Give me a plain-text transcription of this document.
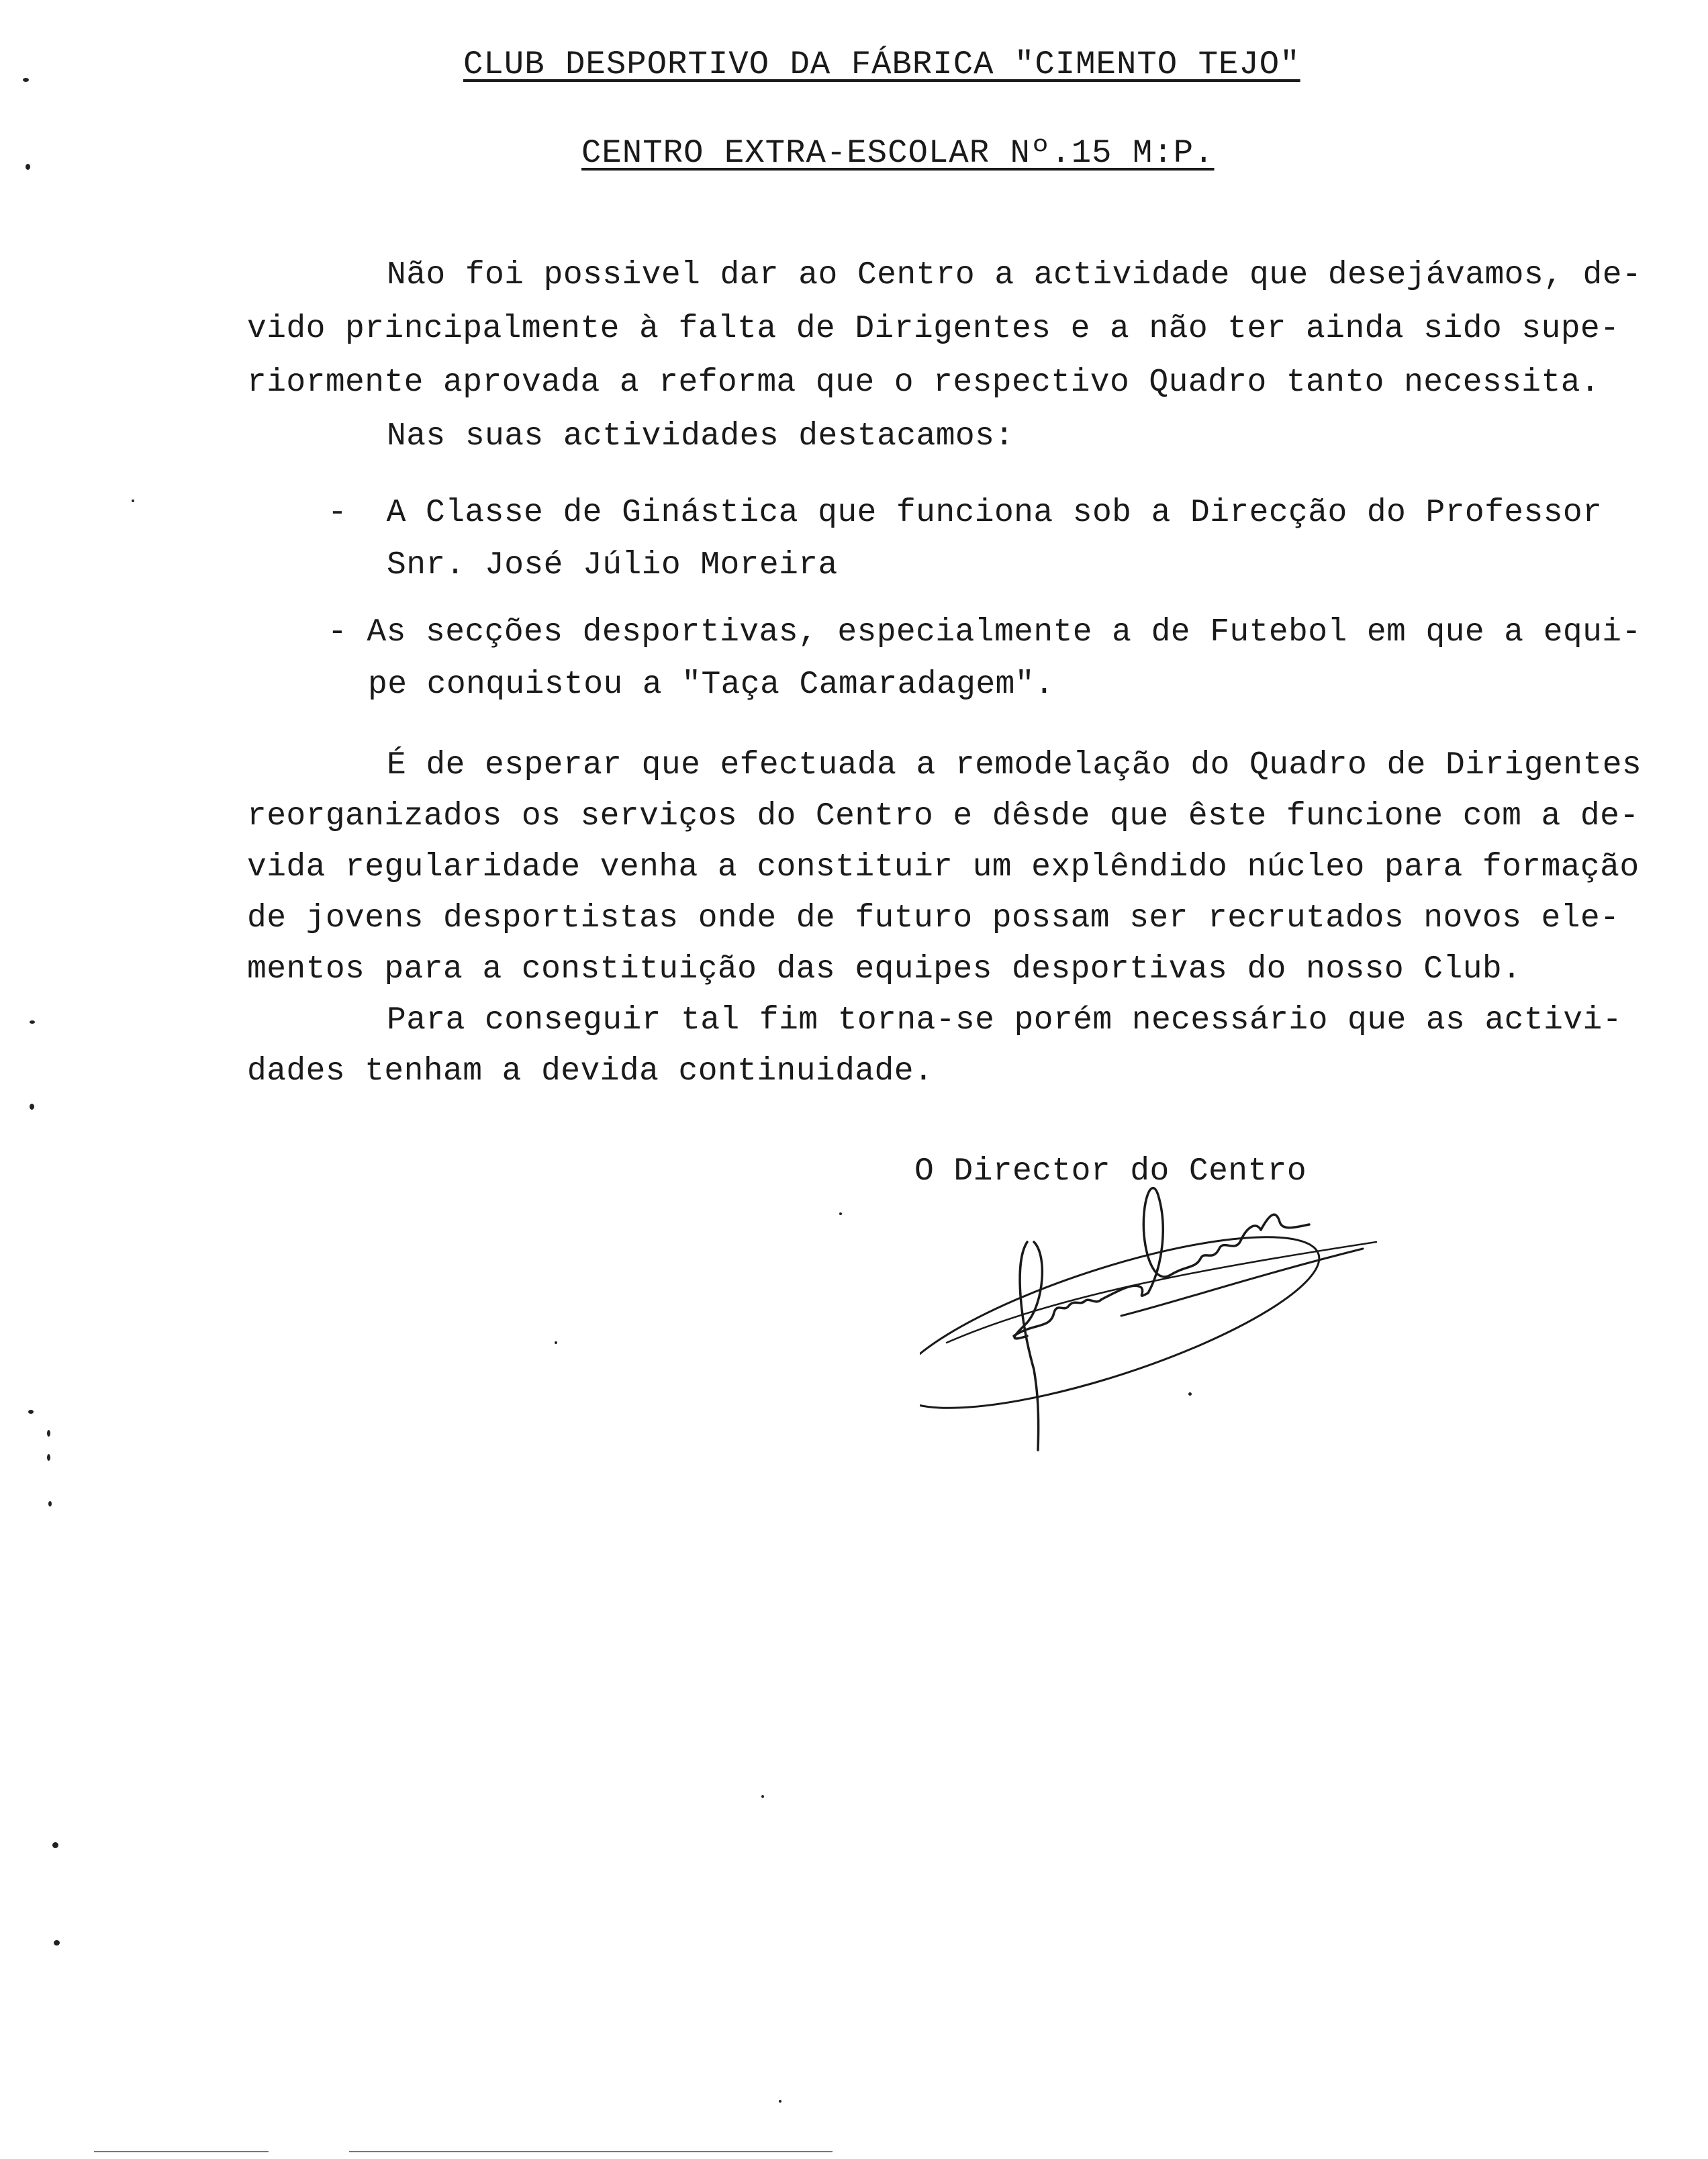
CLUB DESPORTIVO DA FÁBRICA "CIMENTO TEJO"
CENTRO EXTRA-ESCOLAR Nº.15 M:P.
Não foi possivel dar ao Centro a actividade que desejávamos, de-
vido principalmente à falta de Dirigentes e a não ter ainda sido supe-
riormente aprovada a reforma que o respectivo Quadro tanto necessita.
Nas suas actividades destacamos:
-  A Classe de Ginástica que funciona sob a Direcção do Professor
Snr. José Júlio Moreira
- As secções desportivas, especialmente a de Futebol em que a equi-
pe conquistou a "Taça Camaradagem".
É de esperar que efectuada a remodelação do Quadro de Dirigentes
reorganizados os serviços do Centro e dêsde que êste funcione com a de-
vida regularidade venha a constituir um explêndido núcleo para formação
de jovens desportistas onde de futuro possam ser recrutados novos ele-
mentos para a constituição das equipes desportivas do nosso Club.
Para conseguir tal fim torna-se porém necessário que as activi-
dades tenham a devida continuidade.
O Director do Centro
